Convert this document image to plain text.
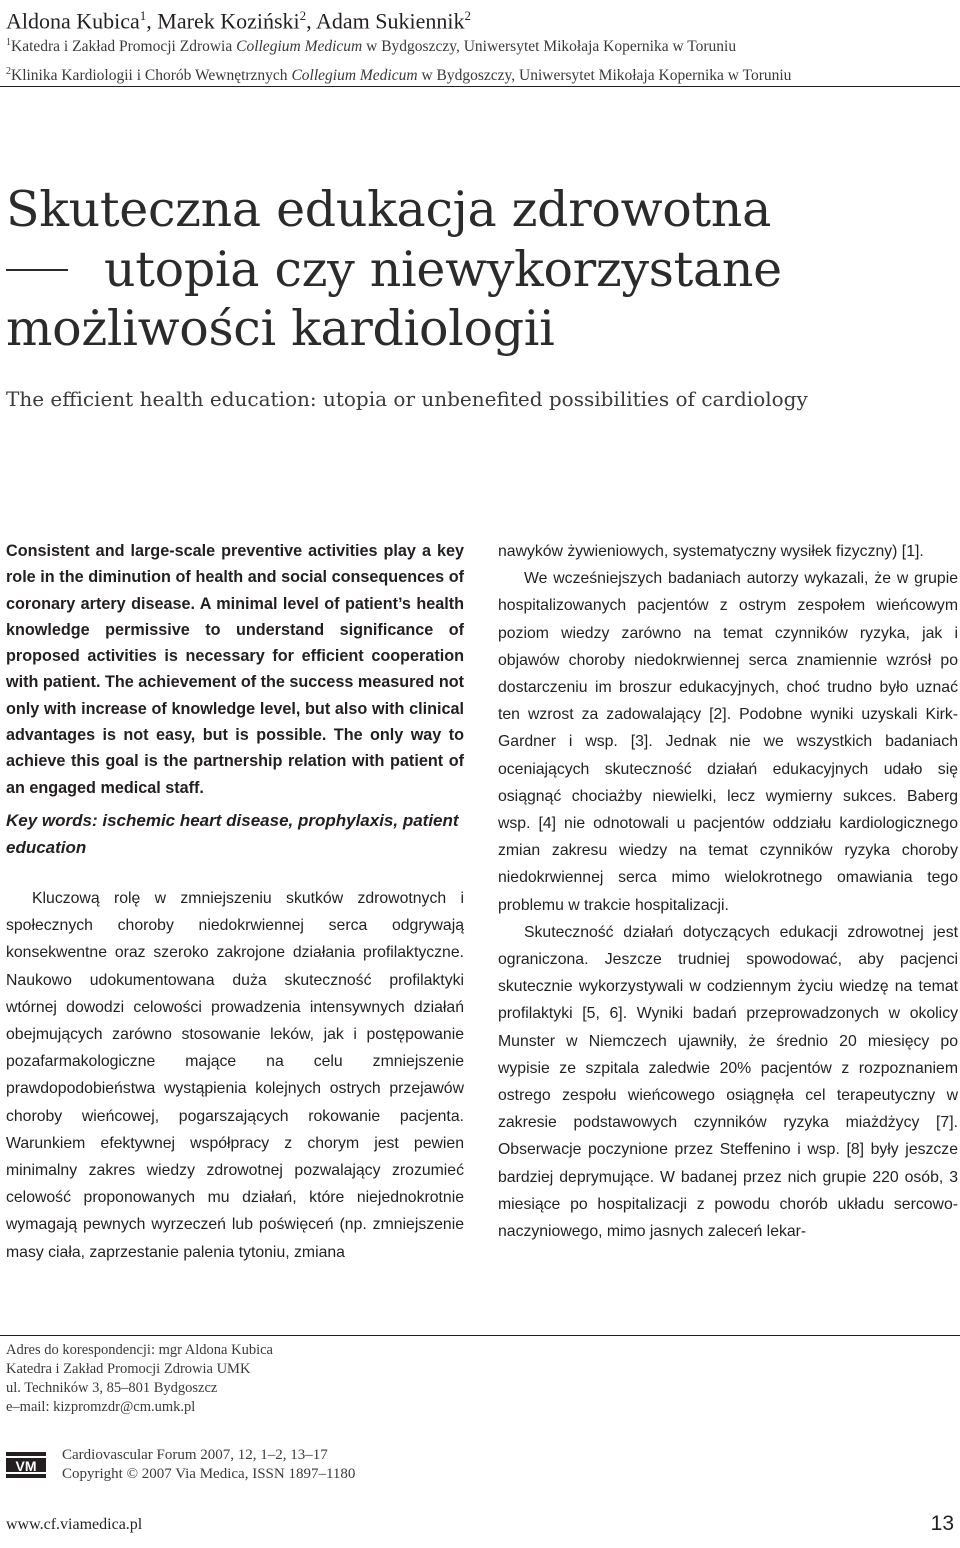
Aldona Kubica$^1$, Marek Koziński$^2$, Adam Sukiennik$^2$
$^1$Katedra i Zakład Promocji Zdrowia Collegium Medicum w Bydgoszczy, Uniwersytet Mikołaja Kopernika w Toruniu
$^2$Klinika Kardiologii i Chorób Wewnętrznych Collegium Medicum w Bydgoszczy, Uniwersytet Mikołaja Kopernika w Toruniu
Skuteczna edukacja zdrowotna
utopia czy niewykorzystane
możliwości kardiologii
The efficient health education: utopia or unbenefited possibilities of cardiology

Consistent and large-scale preventive activities play a key role in the diminution of health and social consequences of coronary artery disease. A minimal level of patient’s health knowledge permissive to understand significance of proposed activities is necessary for efficient cooperation with patient. The achievement of the success measured not only with increase of knowledge level, but also with clinical advantages is not easy, but is possible. The only way to achieve this goal is the partnership relation with patient of an engaged medical staff.

Key words: ischemic heart disease, prophylaxis, patient education

Kluczową rolę w zmniejszeniu skutków zdrowotnych i społecznych choroby niedokrwiennej serca odgrywają konsekwentne oraz szeroko zakrojone działania profilaktyczne. Naukowo udokumentowana duża skuteczność profilaktyki wtórnej dowodzi celowości prowadzenia intensywnych działań obejmujących zarówno stosowanie leków, jak i postępowanie pozafarmakologiczne mające na celu zmniejszenie prawdopodobieństwa wystąpienia kolejnych ostrych przejawów choroby wieńcowej, pogarszających rokowanie pacjenta. Warunkiem efektywnej współpracy z chorym jest pewien minimalny zakres wiedzy zdrowotnej pozwalający zrozumieć celowość proponowanych mu działań, które niejednokrotnie wymagają pewnych wyrzeczeń lub poświęceń (np. zmniejszenie masy ciała, zaprzestanie palenia tytoniu, zmiana

nawyków żywieniowych, systematyczny wysiłek fizyczny) [1].

We wcześniejszych badaniach autorzy wykazali, że w grupie hospitalizowanych pacjentów z ostrym zespołem wieńcowym poziom wiedzy zarówno na temat czynników ryzyka, jak i objawów choroby niedokrwiennej serca znamiennie wzrósł po dostarczeniu im broszur edukacyjnych, choć trudno było uznać ten wzrost za zadowalający [2]. Podobne wyniki uzyskali Kirk-Gardner i wsp. [3]. Jednak nie we wszystkich badaniach oceniających skuteczność działań edukacyjnych udało się osiągnąć chociażby niewielki, lecz wymierny sukces. Baberg wsp. [4] nie odnotowali u pacjentów oddziału kardiologicznego zmian zakresu wiedzy na temat czynników ryzyka choroby niedokrwiennej serca mimo wielokrotnego omawiania tego problemu w trakcie hospitalizacji.

Skuteczność działań dotyczących edukacji zdrowotnej jest ograniczona. Jeszcze trudniej spowodować, aby pacjenci skutecznie wykorzystywali w codziennym życiu wiedzę na temat profilaktyki [5, 6]. Wyniki badań przeprowadzonych w okolicy Munster w Niemczech ujawniły, że średnio 20 miesięcy po wypisie ze szpitala zaledwie 20% pacjentów z rozpoznaniem ostrego zespołu wieńcowego osiągnęła cel terapeutyczny w zakresie podstawowych czynników ryzyka miażdżycy [7]. Obserwacje poczynione przez Steffenino i wsp. [8] były jeszcze bardziej deprymujące. W badanej przez nich grupie 220 osób, 3 miesiące po hospitalizacji z powodu chorób układu sercowo-naczyniowego, mimo jasnych zaleceń lekar-

Adres do korespondencji: mgr Aldona Kubica
Katedra i Zakład Promocji Zdrowia UMK
ul. Techników 3, 85–801 Bydgoszcz
e–mail: kizpromzdr@cm.umk.pl
VM
Cardiovascular Forum 2007, 12, 1–2, 13–17
Copyright © 2007 Via Medica, ISSN 1897–1180
www.cf.viamedica.pl	13
